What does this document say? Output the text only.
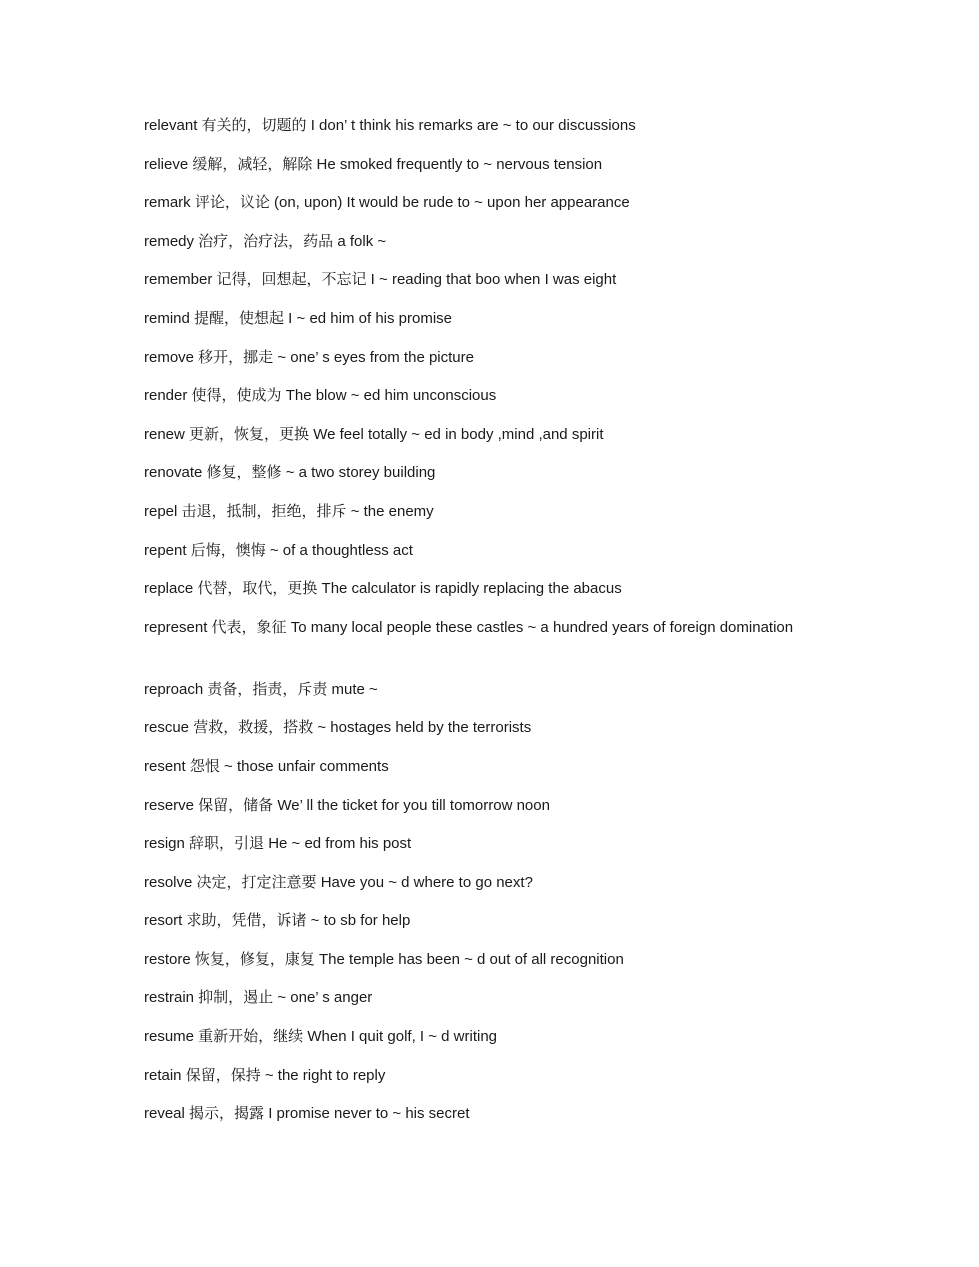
relevant 有关的，切题的 I don’ t think his remarks are ~ to our discussions
relieve 缓解，减轻，解除 He smoked frequently to ~ nervous tension
remark 评论，议论 (on, upon) It would be rude to ~ upon her appearance
remedy 治疗，治疗法，药品 a folk ~
remember 记得，回想起，不忘记 I ~ reading that boo when I was eight
remind 提醒，使想起 I ~ ed him of his promise
remove 移开，挪走 ~ one’ s eyes from the picture
render 使得，使成为 The blow ~ ed him unconscious
renew 更新，恢复，更换 We feel totally ~ ed in body ,mind ,and spirit
renovate 修复，整修 ~ a two storey building
repel 击退，抵制，拒绝，排斥 ~ the enemy
repent 后悔，懊悔 ~ of a thoughtless act
replace 代替，取代，更换 The calculator is rapidly replacing the abacus
represent 代表，象征 To many local people these castles ~ a hundred years of foreign domination
reproach 责备，指责，斥责 mute ~
rescue 营救，救援，搭救 ~ hostages held by the terrorists
resent 怨恨 ~ those unfair comments
reserve 保留，储备 We’ ll the ticket for you till tomorrow noon
resign 辞职，引退 He ~ ed from his post
resolve 决定，打定注意要 Have you ~ d where to go next?
resort 求助，凭借，诉诸 ~ to sb for help
restore 恢复，修复，康复 The temple has been ~ d out of all recognition
restrain 抑制，遏止 ~ one’ s anger
resume 重新开始，继续 When I quit golf, I ~ d writing
retain 保留，保持 ~ the right to reply
reveal 揭示，揭露 I promise never to ~ his secret
